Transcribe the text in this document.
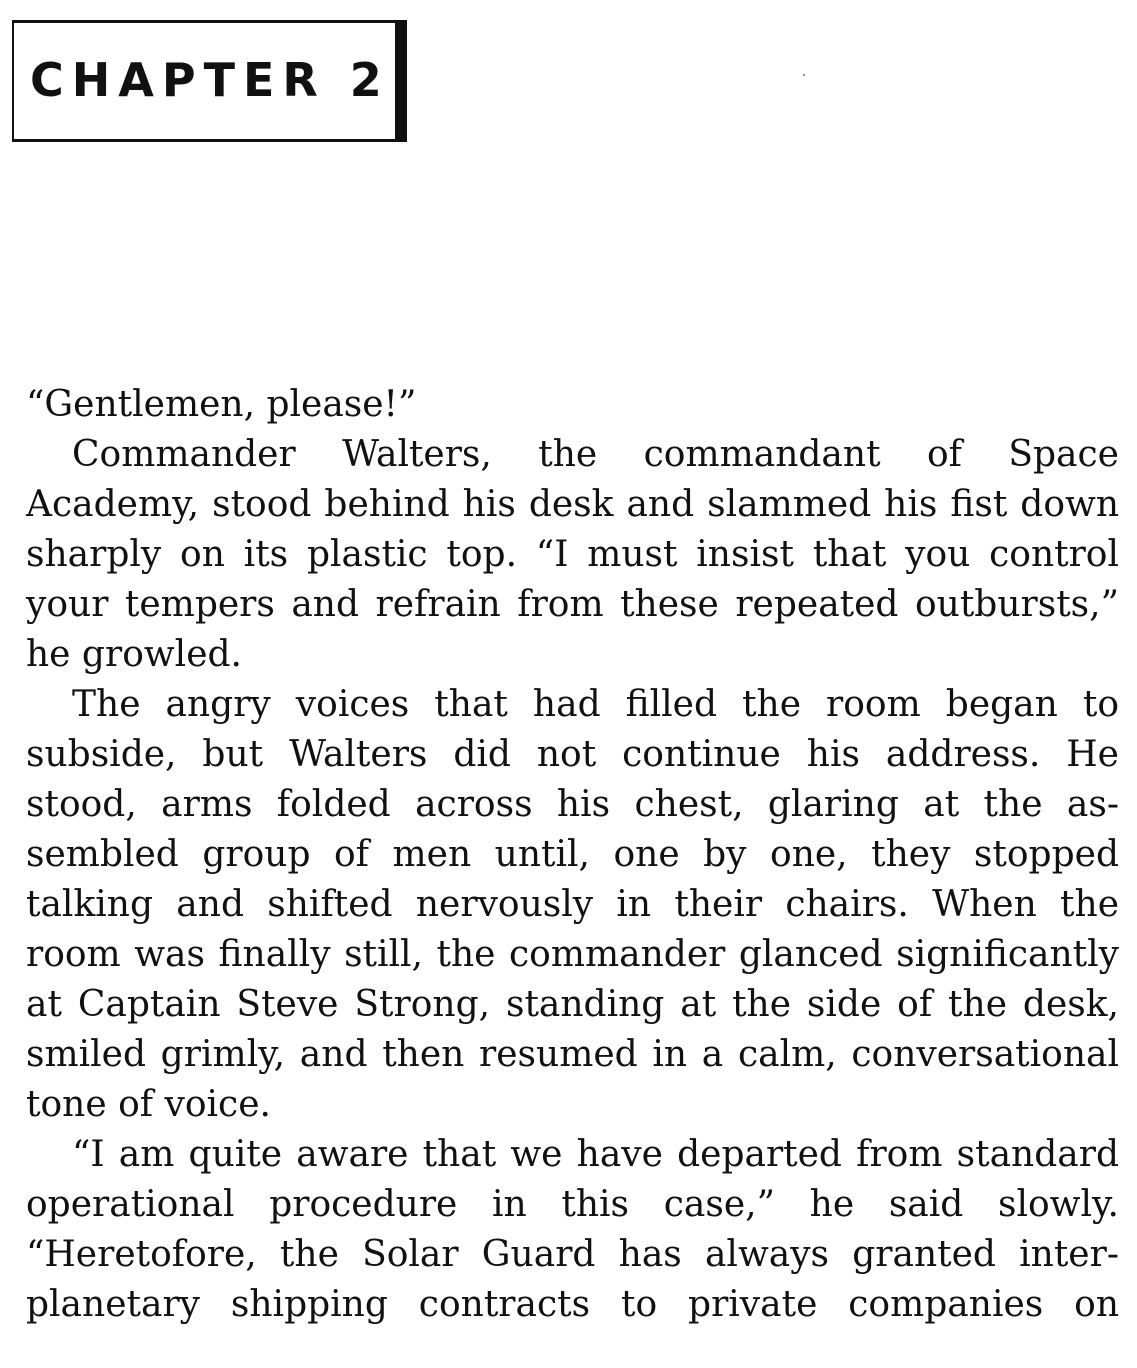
CHAPTER 2

“Gentlemen, please!”

Commander Walters, the commandant of Space Academy, stood behind his desk and slammed his fist down sharply on its plastic top. “I must insist that you control your tempers and refrain from these repeated outbursts,” he growled.

The angry voices that had filled the room began to subside, but Walters did not continue his address. He stood, arms folded across his chest, glaring at the assembled group of men until, one by one, they stopped talking and shifted nervously in their chairs. When the room was finally still, the commander glanced significantly at Captain Steve Strong, standing at the side of the desk, smiled grimly, and then resumed in a calm, conversational tone of voice.

“I am quite aware that we have departed from standard operational procedure in this case,” he said slowly. “Heretofore, the Solar Guard has always granted interplanetary shipping contracts to private companies on
